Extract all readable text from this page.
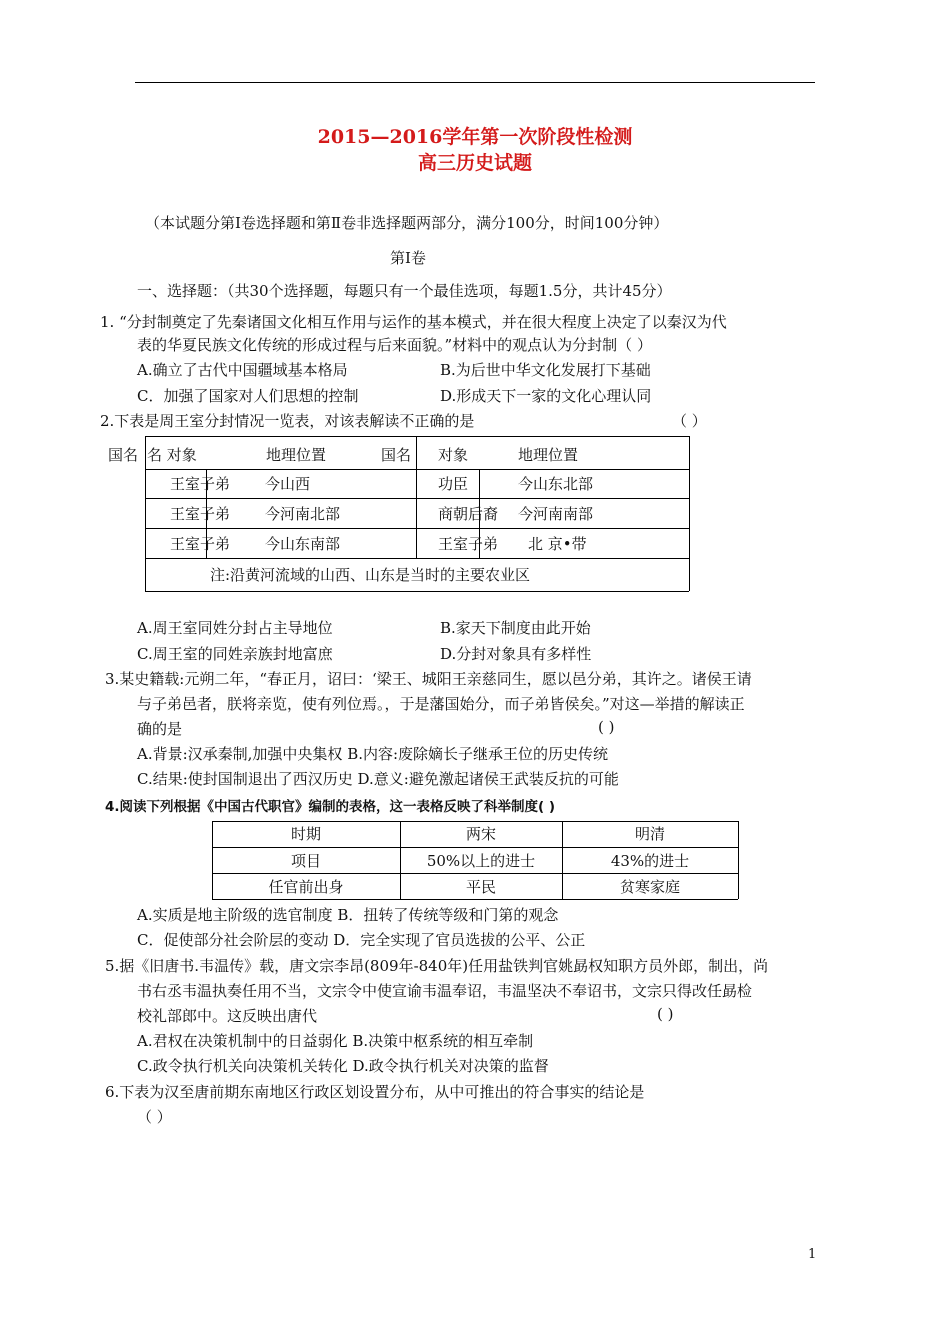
2015—2016学年第一次阶段性检测
高三历史试题
（本试题分第Ⅰ卷选择题和第Ⅱ卷非选择题两部分，满分100分，时间100分钟）
第Ⅰ卷
一、选择题：（共30个选择题，每题只有一个最佳选项，每题1.5分，共计45分）
1. “分封制奠定了先秦诸国文化相互作用与运作的基本模式，并在很大程度上决定了以秦汉为代
表的华夏民族文化传统的形成过程与后来面貌。”材料中的观点认为分封制（ ）
A.确立了古代中国疆域基本格局	B.为后世中华文化发展打下基础
C．加强了国家对人们思想的控制	D.形成天下一家的文化心理认同
2.下表是周王室分封情况一览表，对该表解读不正确的是	（ ）
国名 名 对象	地理位置	国名 对象	地理位置
王室子弟 今山西	功臣	今山东北部
王室子弟 今河南北部	商朝后裔 今河南南部
王室子弟 今山东南部	王室子弟 北 京•带
注:沿黄河流域的山西、山东是当时的主要农业区
A.周王室同姓分封占主导地位	B.家天下制度由此开始
C.周王室的同姓亲族封地富庶	D.分封对象具有多样性
3.某史籍载:元朔二年，“春正月，诏曰：‘梁王、城阳王亲慈同生，愿以邑分弟，其许之。诸侯王请
与子弟邑者，朕将亲览，使有列位焉。，于是藩国始分，而子弟皆侯矣。”对这—举措的解读正
确的是	( )
A.背景:汉承秦制,加强中央集权 B.内容:废除嫡长子继承王位的历史传统
C.结果:使封国制退出了西汉历史 D.意义:避免激起诸侯王武装反抗的可能
4.阅读下列根据《中国古代职官》编制的表格，这一表格反映了科举制度( )
时期	两宋	明清
项目	50%以上的进士	43%的进士
任官前出身	平民	贫寒家庭
A.实质是地主阶级的选官制度 B．扭转了传统等级和门第的观念
C．促使部分社会阶层的变动 D．完全实现了官员选拔的公平、公正
5.据《旧唐书.韦温传》载，唐文宗李昂(809年-840年)任用盐铁判官姚勗权知职方员外郎，制出，尚
书右丞韦温执奏任用不当，文宗令中使宣谕韦温奉诏，韦温坚决不奉诏书，文宗只得改任勗检
校礼部郎中。这反映出唐代	( )
A.君权在决策机制中的日益弱化 B.决策中枢系统的相互牵制
C.政令执行机关向决策机关转化 D.政令执行机关对决策的监督
6.下表为汉至唐前期东南地区行政区划设置分布，从中可推出的符合事实的结论是
（ ）
1
